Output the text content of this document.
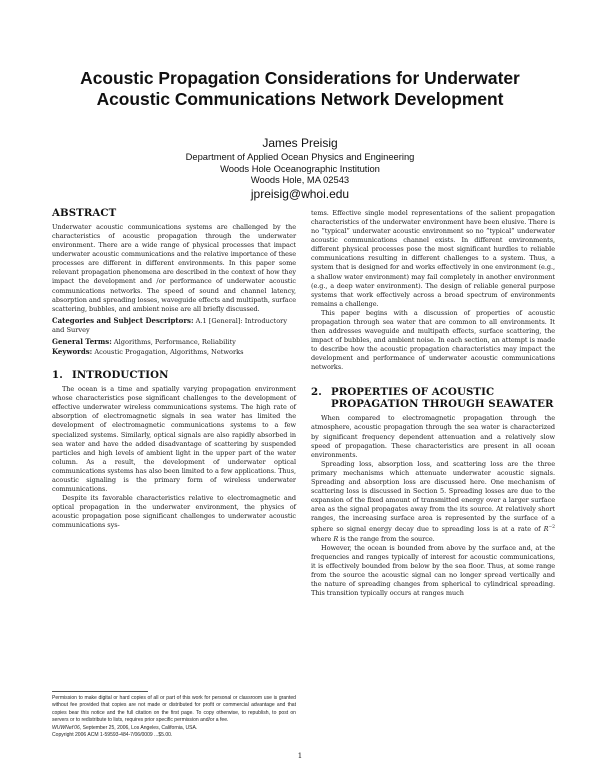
Acoustic Propagation Considerations for Underwater
Acoustic Communications Network Development
James Preisig
Department of Applied Ocean Physics and Engineering
Woods Hole Oceanographic Institution
Woods Hole, MA 02543
jpreisig@whoi.edu
ABSTRACT

Underwater acoustic communications systems are challenged by the characteristics of acoustic propagation through the underwater environment. There are a wide range of physical processes that impact underwater acoustic communications and the relative importance of these processes are different in different environments. In this paper some relevant propagation phenomena are described in the context of how they impact the development and /or performance of underwater acoustic communications networks. The speed of sound and channel latency, absorption and spreading losses, waveguide effects and multipath, surface scattering, bubbles, and ambient noise are all briefly discussed.

Categories and Subject Descriptors: A.1 [General]: Introductory and Survey

General Terms: Algorithms, Performance, Reliability

Keywords: Acoustic Progagation, Algorithms, Networks

1. INTRODUCTION

The ocean is a time and spatially varying propagation environment whose characteristics pose significant challenges to the development of effective underwater wireless communications systems. The high rate of absorption of electromagnetic signals in sea water has limited the development of electromagnetic communications systems to a few specialized systems. Similarly, optical signals are also rapidly absorbed in sea water and have the added disadvantage of scattering by suspended particles and high levels of ambient light in the upper part of the water column. As a result, the development of underwater optical communications systems has also been limited to a few applications. Thus, acoustic signaling is the primary form of wireless underwater communications.

Despite its favorable characteristics relative to electromagnetic and optical propagation in the underwater environment, the physics of acoustic propagation pose significant challenges to underwater acoustic communications sys-

tems. Effective single model representations of the salient propagation characteristics of the underwater environment have been elusive. There is no ”typical” underwater acoustic environment so no ”typical” underwater acoustic communications channel exists. In different environments, different physical processes pose the most significant hurdles to reliable communications resulting in different challenges to a system. Thus, a system that is designed for and works effectively in one environment (e.g., a shallow water environment) may fail completely in another environment (e.g., a deep water environment). The design of reliable general purpose systems that work effectively across a broad spectrum of environments remains a challenge.

This paper begins with a discussion of properties of acoustic propagation through sea water that are common to all environments. It then addresses waveguide and multipath effects, surface scattering, the impact of bubbles, and ambient noise. In each section, an attempt is made to describe how the acoustic propagation characteristics may impact the development and performance of underwater acoustic communications networks.

2. PROPERTIES OF ACOUSTIC
PROPAGATION THROUGH SEAWATER

When compared to electromagnetic propagation through the atmosphere, acoustic propagation through the sea water is characterized by significant frequency dependent attenuation and a relatively slow speed of propagation. These characteristics are present in all ocean environments.

Spreading loss, absorption loss, and scattering loss are the three primary mechanisms which attenuate underwater acoustic signals. Spreading and absorption loss are discussed here. One mechanism of scattering loss is discussed in Section 5. Spreading losses are due to the expansion of the fixed amount of transmitted energy over a larger surface area as the signal propagates away from the its source. At relatively short ranges, the increasing surface area is represented by the surface of a sphere so signal energy decay due to spreading loss is at a rate of $R^{-2}$ where R is the range from the source.

However, the ocean is bounded from above by the surface and, at the frequencies and ranges typically of interest for acoustic communications, it is effectively bounded from below by the sea floor. Thus, at some range from the source the acoustic signal can no longer spread vertically and the nature of spreading changes from spherical to cylindrical spreading. This transition typically occurs at ranges much

Permission to make digital or hard copies of all or part of this work for personal or classroom use is granted without fee provided that copies are not made or distributed for profit or commercial advantage and that copies bear this notice and the full citation on the first page. To copy otherwise, to republish, to post on servers or to redistribute to lists, requires prior specific permission and/or a fee.
WUWNet’06, September 25, 2006, Los Angeles, California, USA.
Copyright 2006 ACM 1-59593-484-7/06/0009 ...$5.00.
1
